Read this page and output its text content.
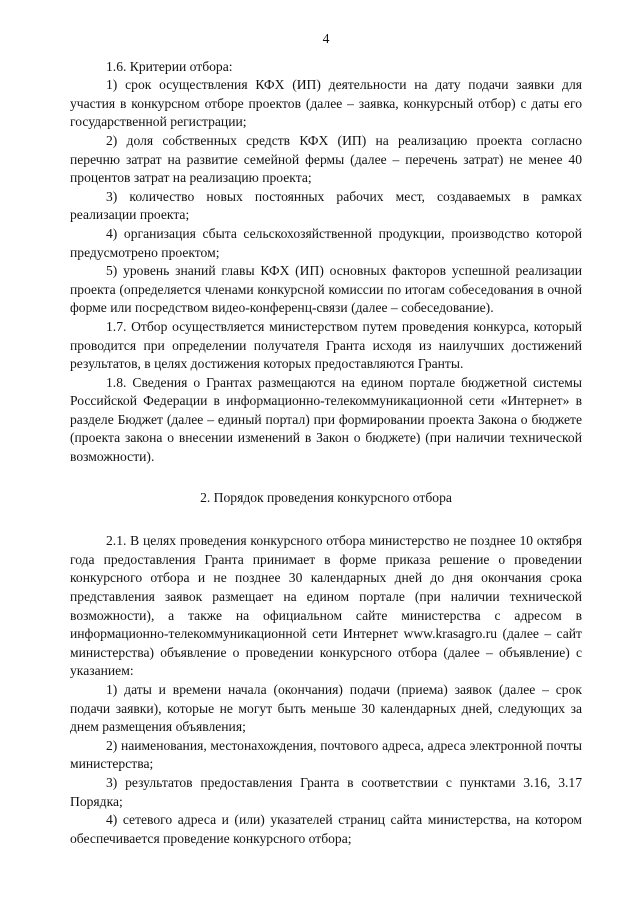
4

1.6. Критерии отбора:

1) срок осуществления КФХ (ИП) деятельности на дату подачи заявки для участия в конкурсном отборе проектов (далее – заявка, конкурсный отбор) с даты его государственной регистрации;

2) доля собственных средств КФХ (ИП) на реализацию проекта согласно перечню затрат на развитие семейной фермы (далее – перечень затрат) не менее 40 процентов затрат на реализацию проекта;

3) количество новых постоянных рабочих мест, создаваемых в рамках реализации проекта;

4) организация сбыта сельскохозяйственной продукции, производство которой предусмотрено проектом;

5) уровень знаний главы КФХ (ИП) основных факторов успешной реализации проекта (определяется членами конкурсной комиссии по итогам собеседования в очной форме или посредством видео-конференц-связи (далее – собеседование).

1.7. Отбор осуществляется министерством путем проведения конкурса, который проводится при определении получателя Гранта исходя из наилучших достижений результатов, в целях достижения которых предоставляются Гранты.

1.8. Сведения о Грантах размещаются на едином портале бюджетной системы Российской Федерации в информационно-телекоммуникационной сети «Интернет» в разделе Бюджет (далее – единый портал) при формировании проекта Закона о бюджете (проекта закона о внесении изменений в Закон о бюджете) (при наличии технической возможности).

2. Порядок проведения конкурсного отбора

2.1. В целях проведения конкурсного отбора министерство не позднее 10 октября года предоставления Гранта принимает в форме приказа решение о проведении конкурсного отбора и не позднее 30 календарных дней до дня окончания срока представления заявок размещает на едином портале (при наличии технической возможности), а также на официальном сайте министерства с адресом в информационно-телекоммуникационной сети Интернет www.krasagro.ru (далее – сайт министерства) объявление о проведении конкурсного отбора (далее – объявление) с указанием:

1) даты и времени начала (окончания) подачи (приема) заявок (далее – срок подачи заявки), которые не могут быть меньше 30 календарных дней, следующих за днем размещения объявления;

2) наименования, местонахождения, почтового адреса, адреса электронной почты министерства;

3) результатов предоставления Гранта в соответствии с пунктами 3.16, 3.17 Порядка;

4) сетевого адреса и (или) указателей страниц сайта министерства, на котором обеспечивается проведение конкурсного отбора;
